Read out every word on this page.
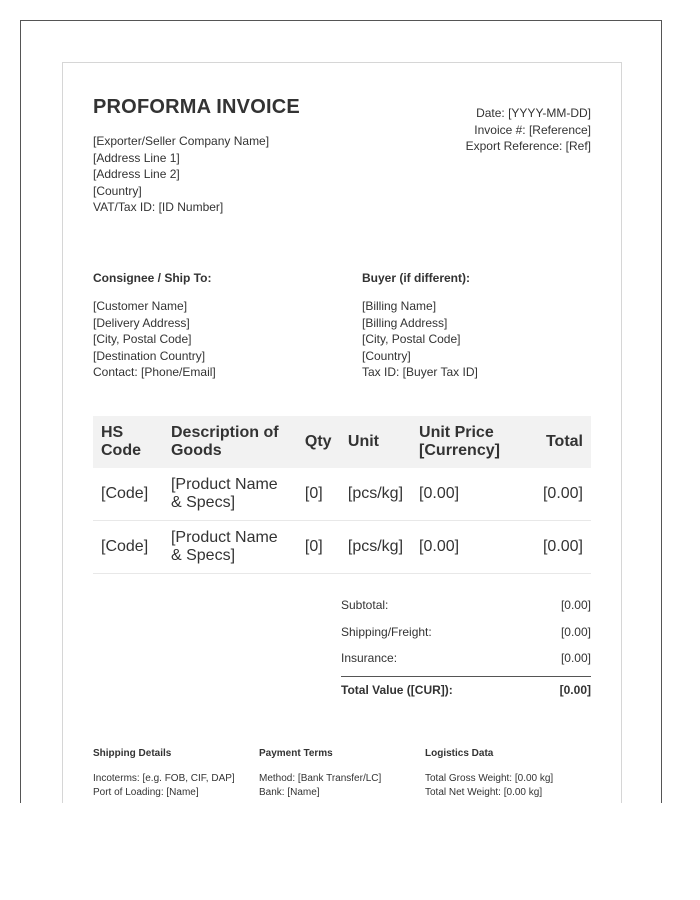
PROFORMA INVOICE
[Exporter/Seller Company Name]
[Address Line 1]
[Address Line 2]
[Country]
VAT/Tax ID: [ID Number]
Date: [YYYY-MM-DD]
Invoice #: [Reference]
Export Reference: [Ref]
Consignee / Ship To:
[Customer Name]
[Delivery Address]
[City, Postal Code]
[Destination Country]
Contact: [Phone/Email]
Buyer (if different):
[Billing Name]
[Billing Address]
[City, Postal Code]
[Country]
Tax ID: [Buyer Tax ID]
HS Code	Description of Goods	Qty	Unit	Unit Price [Currency]	Total
[Code]	[Product Name & Specs]	[0]	[pcs/kg]	[0.00]	[0.00]
[Code]	[Product Name & Specs]	[0]	[pcs/kg]	[0.00]	[0.00]
Subtotal:	[0.00]
Shipping/Freight:	[0.00]
Insurance:	[0.00]
Total Value ([CUR]):	[0.00]
Shipping Details
Incoterms: [e.g. FOB, CIF, DAP]
Port of Loading: [Name]
Payment Terms
Method: [Bank Transfer/LC]
Bank: [Name]
Logistics Data
Total Gross Weight: [0.00 kg]
Total Net Weight: [0.00 kg]
